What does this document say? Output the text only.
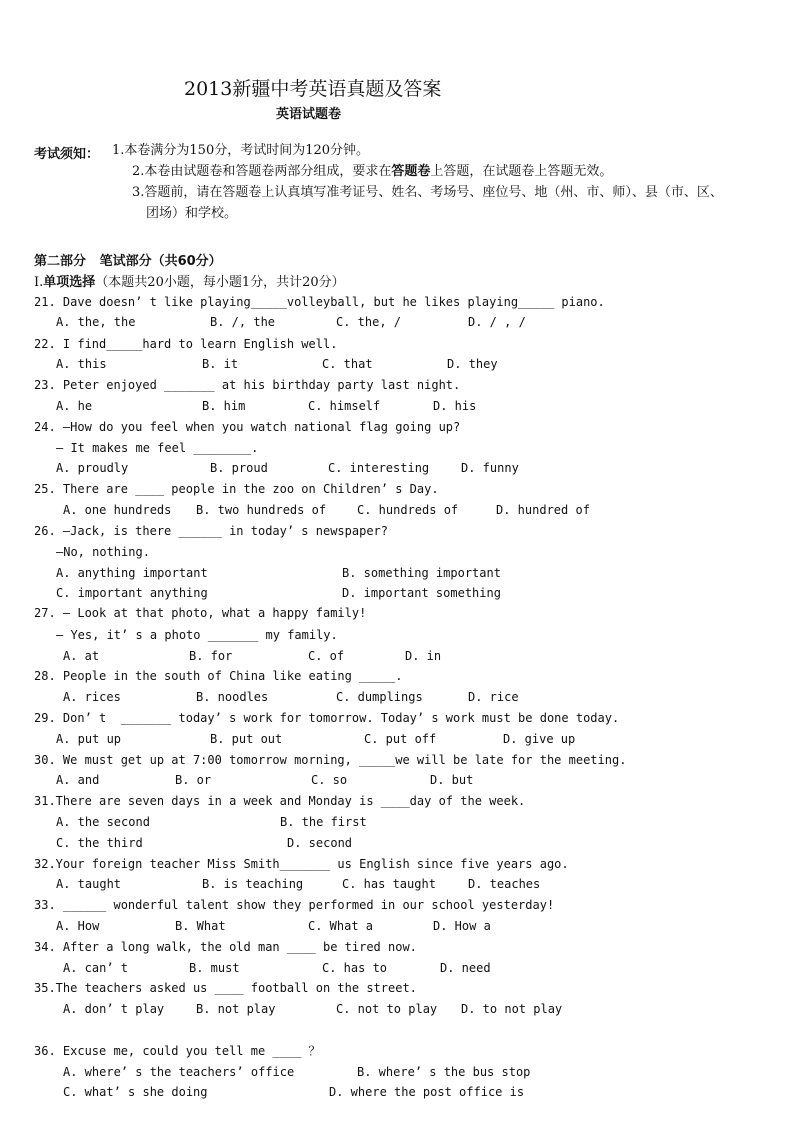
2013新疆中考英语真题及答案
英语试题卷
考试须知： 1.本卷满分为150分，考试时间为120分钟。
2.本卷由试题卷和答题卷两部分组成，要求在答题卷上答题，在试题卷上答题无效。
3.答题前，请在答题卷上认真填写准考证号、姓名、考场号、座位号、地（州、市、师）、县（市、区、
团场）和学校。
第二部分   笔试部分（共60分）
I.单项选择（本题共20小题，每小题1分，共计20分）
21. Dave doesn’ t like playing_____volleyball, but he likes playing_____ piano.
A. the, the	B. /, the	C. the, /	D. / , /
22. I find_____hard to learn English well.
A. this	B. it	C. that	D. they
23. Peter enjoyed _______ at his birthday party last night.
A. he	B. him	C. himself	D. his
24. —How do you feel when you watch national flag going up?
— It makes me feel ________.
A. proudly	B. proud	C. interesting	D. funny
25. There are ____ people in the zoo on Children’ s Day.
A. one hundreds B. two hundreds of	C. hundreds of	D. hundred of
26. —Jack, is there ______ in today’ s newspaper?
—No, nothing.
A. anything important	B. something important
C. important anything	D. important something
27. — Look at that photo, what a happy family!
— Yes, it’ s a photo _______ my family.
A. at	B. for	C. of	D. in
28. People in the south of China like eating _____.
A. rices	B. noodles	C. dumplings	D. rice
29. Don’ t  _______ today’ s work for tomorrow. Today’ s work must be done today.
A. put up	B. put out	C. put off	D. give up
30. We must get up at 7:00 tomorrow morning, _____we will be late for the meeting.
A. and	B. or	C. so	D. but
31.There are seven days in a week and Monday is ____day of the week.
A. the second	B. the first
C. the third	D. second
32.Your foreign teacher Miss Smith_______ us English since five years ago.
A. taught	B. is teaching	C. has taught	D. teaches
33. ______ wonderful talent show they performed in our school yesterday!
A. How	B. What	C. What a	D. How a
34. After a long walk, the old man ____ be tired now.
A. can’ t	B. must	C. has to	D. need
35.The teachers asked us ____ football on the street.
A. don’ t play	B. not play	C. not to play D. to not play
36. Excuse me, could you tell me ____ ？
A. where’ s the teachers’ office	B. where’ s the bus stop
C. what’ s she doing	D. where the post office is
